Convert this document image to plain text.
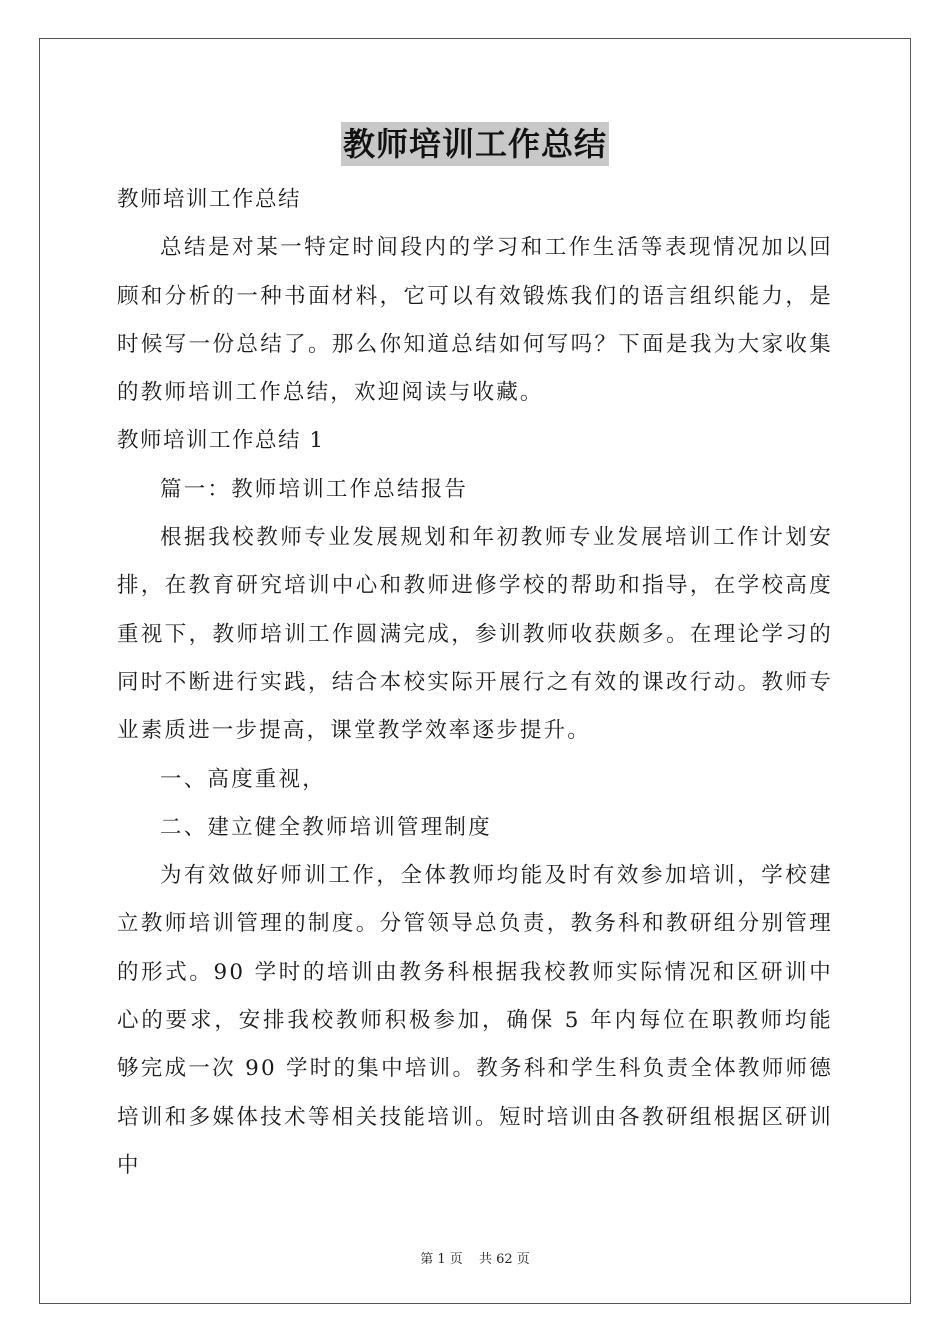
教师培训工作总结

教师培训工作总结

总结是对某一特定时间段内的学习和工作生活等表现情况加以回顾和分析的一种书面材料，它可以有效锻炼我们的语言组织能力，是时候写一份总结了。那么你知道总结如何写吗？下面是我为大家收集的教师培训工作总结，欢迎阅读与收藏。

教师培训工作总结 1

篇一：教师培训工作总结报告

根据我校教师专业发展规划和年初教师专业发展培训工作计划安排，在教育研究培训中心和教师进修学校的帮助和指导，在学校高度重视下，教师培训工作圆满完成，参训教师收获颇多。在理论学习的同时不断进行实践，结合本校实际开展行之有效的课改行动。教师专业素质进一步提高，课堂教学效率逐步提升。

一、高度重视，

二、建立健全教师培训管理制度

为有效做好师训工作，全体教师均能及时有效参加培训，学校建立教师培训管理的制度。分管领导总负责，教务科和教研组分别管理的形式。90 学时的培训由教务科根据我校教师实际情况和区研训中心的要求，安排我校教师积极参加，确保 5 年内每位在职教师均能够完成一次 90 学时的集中培训。教务科和学生科负责全体教师师德培训和多媒体技术等相关技能培训。短时培训由各教研组根据区研训中

第 1 页 共 62 页
